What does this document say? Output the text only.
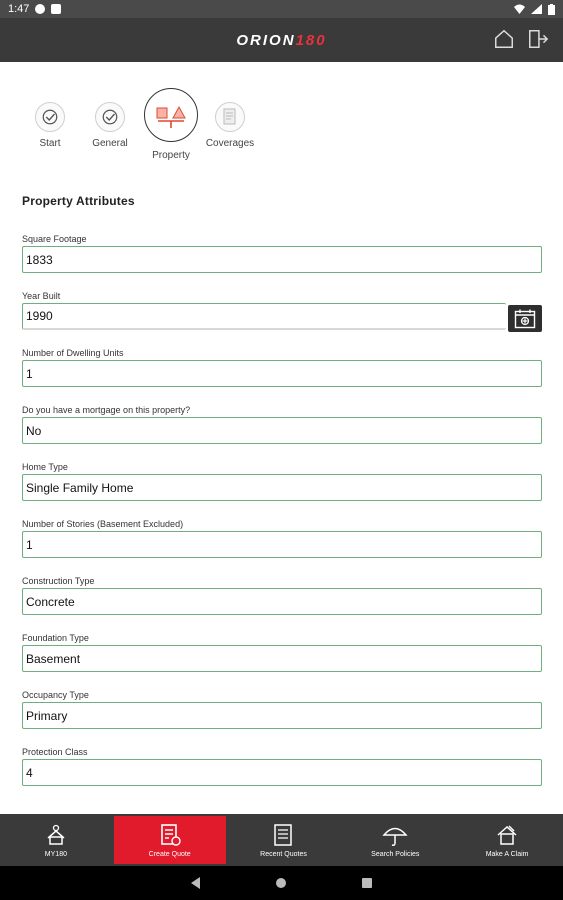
1:47
ORION180
Start	General
Property
Coverages
Property Attributes
Square Footage
1833
Year Built
1990
Number of Dwelling Units
1
Do you have a mortgage on this property?
No
Home Type
Single Family Home
Number of Stories (Basement Excluded)
1
Construction Type
Concrete
Foundation Type
Basement
Occupancy Type
Primary
Protection Class
4
MY180	Create Quote	Recent Quotes	Search Policies	Make A Claim
